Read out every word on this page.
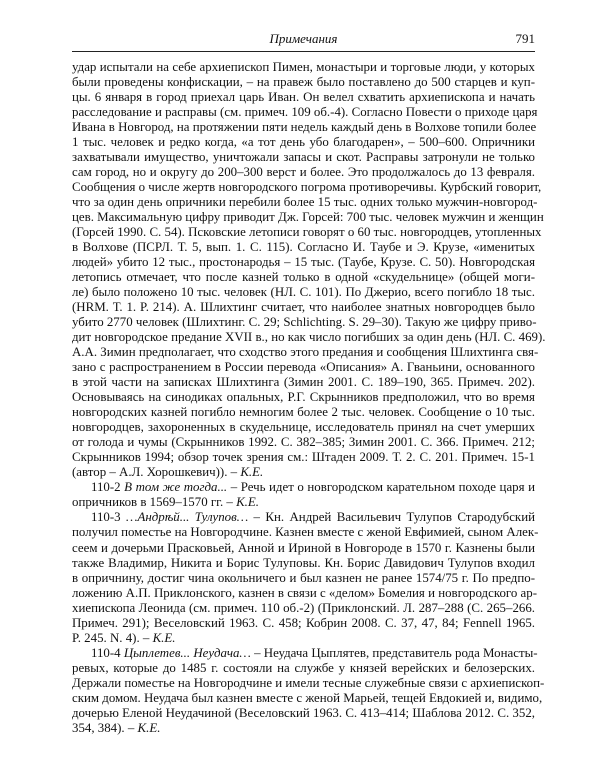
Примечания	791
удар испытали на себе архиепископ Пимен, монастыри и торговые люди, у которых
были проведены конфискации, – на правеж было поставлено до 500 старцев и куп-
цы. 6 января в город приехал царь Иван. Он велел схватить архиепископа и начать
расследование и расправы (см. примеч. 109 об.-4). Согласно Повести о приходе царя
Ивана в Новгород, на протяжении пяти недель каждый день в Волхове топили более
1 тыс. человек и редко когда, «а тот день убо благодарен», – 500–600. Опричники
захватывали имущество, уничтожали запасы и скот. Расправы затронули не только
сам город, но и округу до 200–300 верст и более. Это продолжалось до 13 февраля.
Сообщения о числе жертв новгородского погрома противоречивы. Курбский говорит,
что за один день опричники перебили более 15 тыс. одних только мужчин-новгород-
цев. Максимальную цифру приводит Дж. Горсей: 700 тыс. человек мужчин и женщин
(Горсей 1990. С. 54). Псковские летописи говорят о 60 тыс. новгородцев, утопленных
в Волхове (ПСРЛ. Т. 5, вып. 1. С. 115). Согласно И. Таубе и Э. Крузе, «именитых
людей» убито 12 тыс., простонародья – 15 тыс. (Таубе, Крузе. С. 50). Новгородская
летопись отмечает, что после казней только в одной «скудельнице» (общей моги-
ле) было положено 10 тыс. человек (НЛ. С. 101). По Джерио, всего погибло 18 тыс.
(HRM. Т. 1. P. 214). А. Шлихтинг считает, что наиболее знатных новгородцев было
убито 2770 человек (Шлихтинг. С. 29; Schlichting. S. 29–30). Такую же цифру приво-
дит новгородское предание XVII в., но как число погибших за один день (НЛ. С. 469).
А.А. Зимин предполагает, что сходство этого предания и сообщения Шлихтинга свя-
зано с распространением в России перевода «Описания» А. Гваньини, основанного
в этой части на записках Шлихтинга (Зимин 2001. С. 189–190, 365. Примеч. 202).
Основываясь на синодиках опальных, Р.Г. Скрынников предположил, что во время
новгородских казней погибло немногим более 2 тыс. человек. Сообщение о 10 тыс.
новгородцев, захороненных в скудельнице, исследователь принял на счет умерших
от голода и чумы (Скрынников 1992. С. 382–385; Зимин 2001. С. 366. Примеч. 212;
Скрынников 1994; обзор точек зрения см.: Штаден 2009. Т. 2. С. 201. Примеч. 15-1
(автор – А.Л. Хорошкевич)). – К.Е.
110-2 В том же тогда... – Речь идет о новгородском карательном походе царя и
опричников в 1569–1570 гг. – К.Е.
110-3 …Андрѣй... Тулупов… – Кн. Андрей Васильевич Тулупов Стародубский
получил поместье на Новгородчине. Казнен вместе с женой Евфимией, сыном Алек-
сеем и дочерьми Прасковьей, Анной и Ириной в Новгороде в 1570 г. Казнены были
также Владимир, Никита и Борис Тулуповы. Кн. Борис Давидович Тулупов входил
в опричнину, достиг чина окольничего и был казнен не ранее 1574/75 г. По предпо-
ложению А.П. Приклонского, казнен в связи с «делом» Бомелия и новгородского ар-
хиепископа Леонида (см. примеч. 110 об.-2) (Приклонский. Л. 287–288 (С. 265–266.
Примеч. 291); Веселовский 1963. С. 458; Кобрин 2008. С. 37, 47, 84; Fennell 1965.
P. 245. N. 4). – К.Е.
110-4 Цыплетев... Неудача… – Неудача Цыплятев, представитель рода Монасты-
ревых, которые до 1485 г. состояли на службе у князей верейских и белозерских.
Держали поместье на Новгородчине и имели тесные служебные связи с архиепископ-
ским домом. Неудача был казнен вместе с женой Марьей, тещей Евдокией и, видимо,
дочерью Еленой Неудачиной (Веселовский 1963. С. 413–414; Шаблова 2012. С. 352,
354, 384). – К.Е.
